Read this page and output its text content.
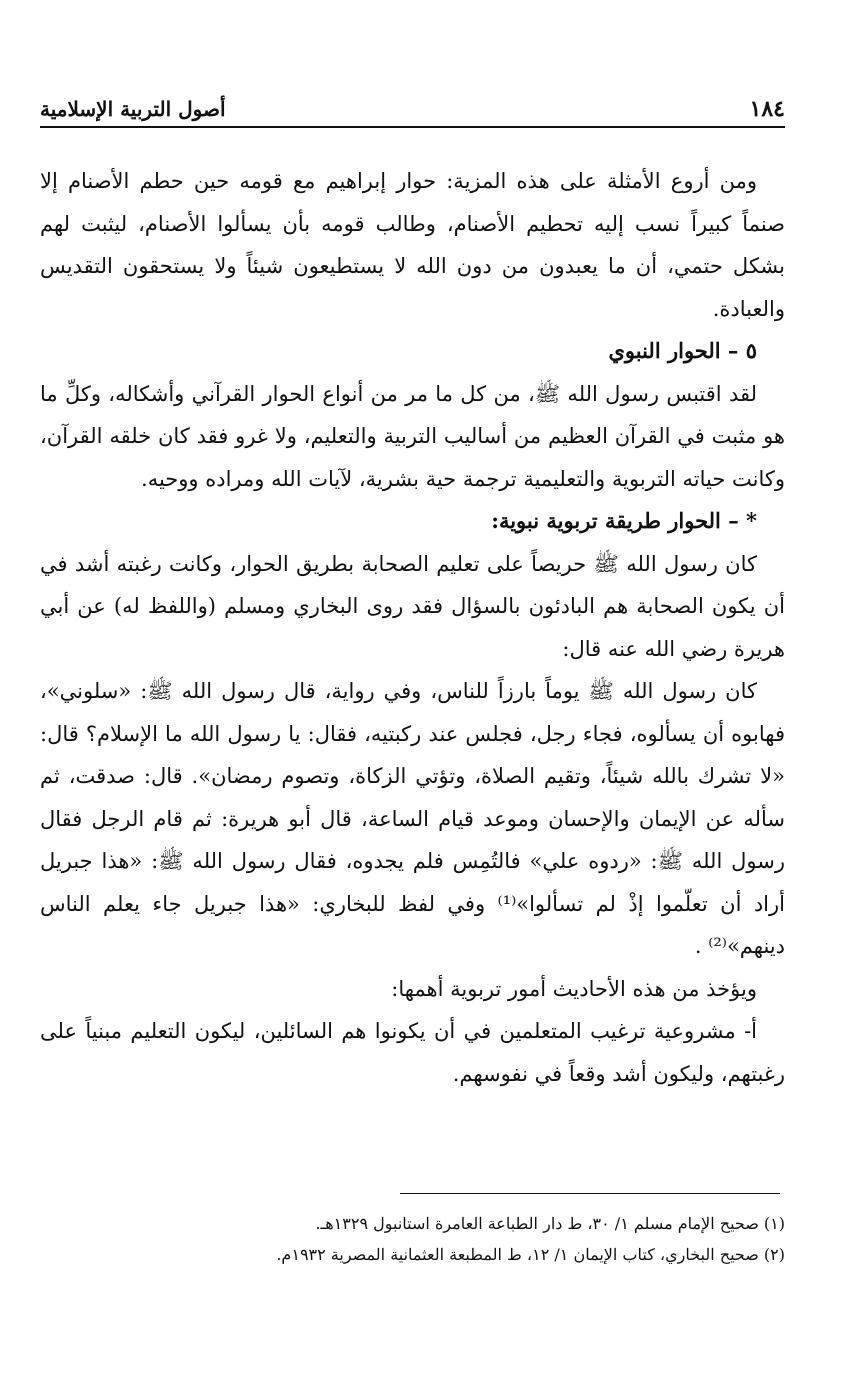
١٨٤
أصول التربية الإسلامية

ومن أروع الأمثلة على هذه المزية: حوار إبراهيم مع قومه حين حطم الأصنام إلا صنماً كبيراً نسب إليه تحطيم الأصنام، وطالب قومه بأن يسألوا الأصنام، ليثبت لهم بشكل حتمي، أن ما يعبدون من دون الله لا يستطيعون شيئاً ولا يستحقون التقديس والعبادة.

٥ – الحوار النبوي

لقد اقتبس رسول الله ﷺ، من كل ما مر من أنواع الحوار القرآني وأشكاله، وكلِّ ما هو مثبت في القرآن العظيم من أساليب التربية والتعليم، ولا غرو فقد كان خلقه القرآن، وكانت حياته التربوية والتعليمية ترجمة حية بشرية، لآيات الله ومراده ووحيه.

* – الحوار طريقة تربوية نبوية:

كان رسول الله ﷺ حريصاً على تعليم الصحابة بطريق الحوار، وكانت رغبته أشد في أن يكون الصحابة هم البادئون بالسؤال فقد روى البخاري ومسلم (واللفظ له) عن أبي هريرة رضي الله عنه قال:

كان رسول الله ﷺ يوماً بارزاً للناس، وفي رواية، قال رسول الله ﷺ: «سلوني»، فهابوه أن يسألوه، فجاء رجل، فجلس عند ركبتيه، فقال: يا رسول الله ما الإسلام؟ قال: «لا تشرك بالله شيئاً، وتقيم الصلاة، وتؤتي الزكاة، وتصوم رمضان». قال: صدقت، ثم سأله عن الإيمان والإحسان وموعد قيام الساعة، قال أبو هريرة: ثم قام الرجل فقال رسول الله ﷺ: «ردوه علي» فالتُمِس فلم يجدوه، فقال رسول الله ﷺ: «هذا جبريل أراد أن تعلّموا إذْ لم تسألوا»⁽¹⁾ وفي لفظ للبخاري: «هذا جبريل جاء يعلم الناس دينهم»⁽²⁾ .

ويؤخذ من هذه الأحاديث أمور تربوية أهمها:

أ- مشروعية ترغيب المتعلمين في أن يكونوا هم السائلين، ليكون التعليم مبنياً على رغبتهم، وليكون أشد وقعاً في نفوسهم.

(١) صحيح الإمام مسلم ١/ ٣٠، ط دار الطباعة العامرة استانبول ١٣٢٩هـ.

(٢) صحيح البخاري، كتاب الإيمان ١/ ١٢، ط المطبعة العثمانية المصرية ١٩٣٢م.
